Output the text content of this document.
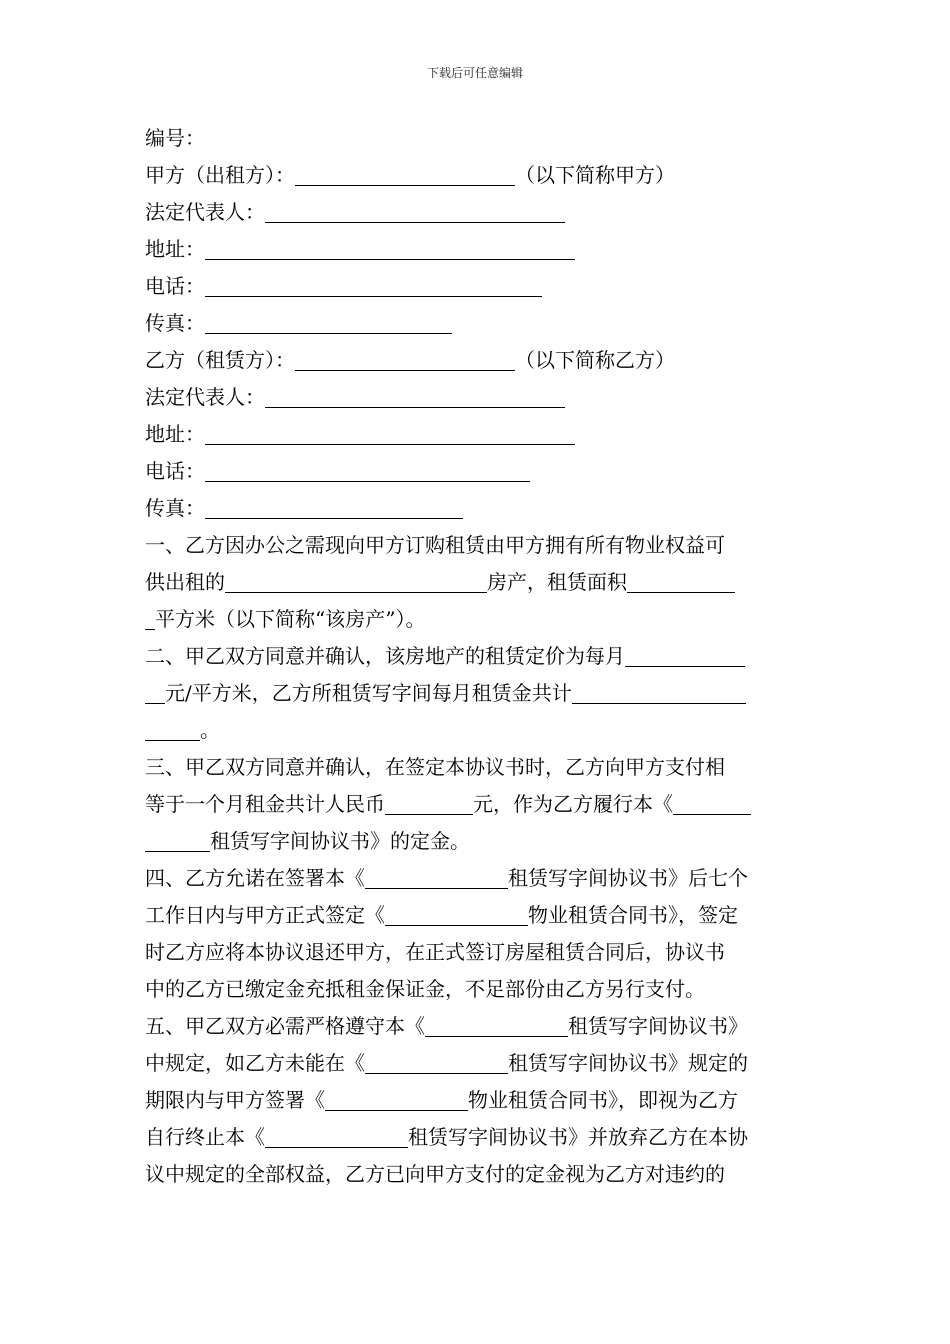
下载后可任意编辑
编号：
甲方（出租方）：	（以下简称甲方）
法定代表人：
地址：
电话：
传真：
乙方（租赁方）：	（以下简称乙方）
法定代表人：
地址：
电话：
传真：
一、乙方因办公之需现向甲方订购租赁由甲方拥有所有物业权益可
供出租的	房产，租赁面积
平方米（以下简称“该房产”）。
二、甲乙双方同意并确认，该房地产的租赁定价为每月
元/平方米，乙方所租赁写字间每月租赁金共计
。
三、甲乙双方同意并确认，在签定本协议书时，乙方向甲方支付相
等于一个月租金共计人民币	元，作为乙方履行本《
租赁写字间协议书》的定金。
四、乙方允诺在签署本《	租赁写字间协议书》后七个
工作日内与甲方正式签定《	物业租赁合同书》，签定
时乙方应将本协议退还甲方，在正式签订房屋租赁合同后，协议书
中的乙方已缴定金充抵租金保证金，不足部份由乙方另行支付。
五、甲乙双方必需严格遵守本《	租赁写字间协议书》
中规定，如乙方未能在《	租赁写字间协议书》规定的
期限内与甲方签署《	物业租赁合同书》，即视为乙方
自行终止本《	租赁写字间协议书》并放弃乙方在本协
议中规定的全部权益，乙方已向甲方支付的定金视为乙方对违约的
